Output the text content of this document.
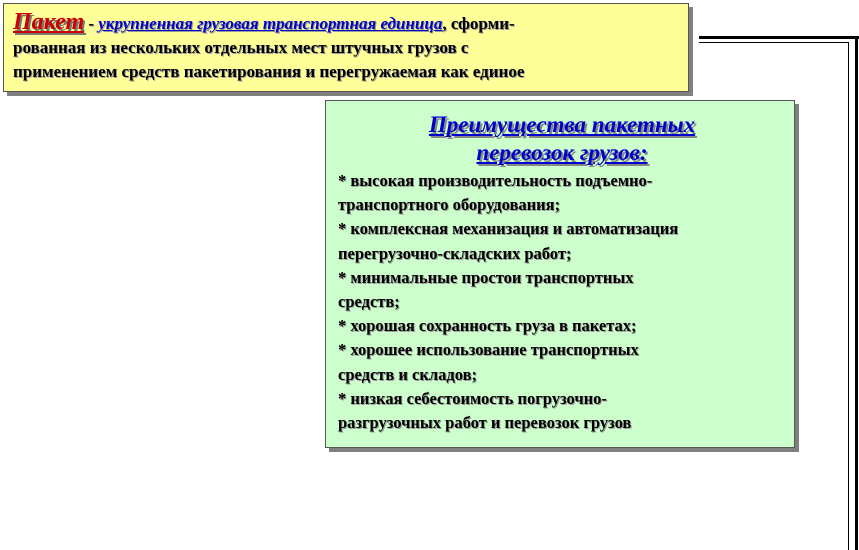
Пакет - укрупненная грузовая транспортная единица, сформи-
рованная из нескольких отдельных мест штучных грузов с
применением средств пакетирования и перегружаемая как единое
Преимущества пакетных
перевозок грузов:
* высокая производительность подъемно-
транспортного оборудования;
* комплексная механизация и автоматизация
перегрузочно-складских работ;
* минимальные простои транспортных
средств;
* хорошая сохранность груза в пакетах;
* хорошее использование транспортных
средств и складов;
* низкая себестоимость погрузочно-
разгрузочных работ и перевозок грузов
